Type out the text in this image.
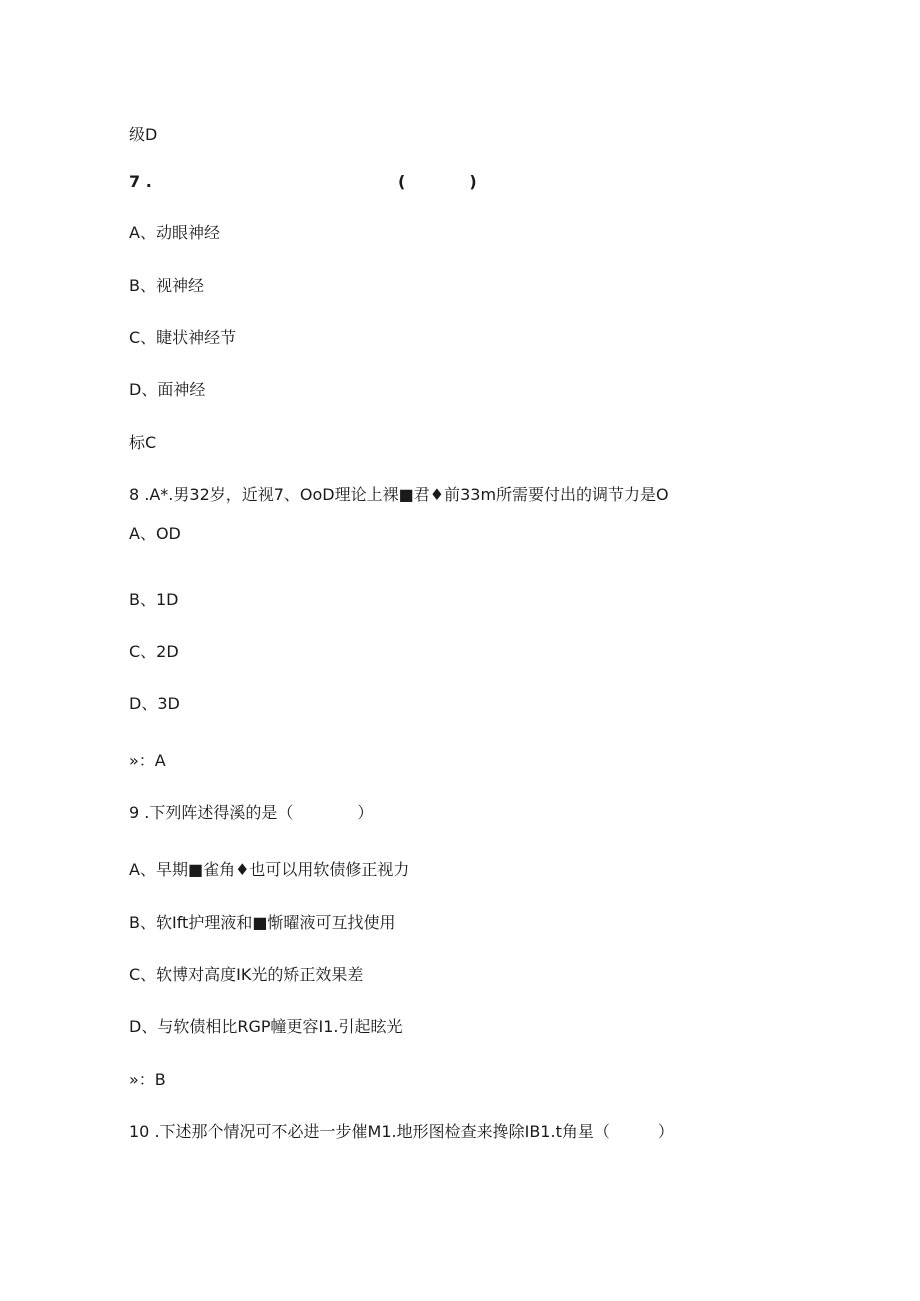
级D
7 .	(　　　　)
A、动眼神经
B、视神经
C、睫状神经节
D、面神经
标C
8 .A*.男32岁，近视7、OoD理论上裸■君♦前33m所需要付出的调节力是O
A、OD
B、1D
C、2D
D、3D
»：A
9 .下列阵述得溪的是（　　　　）
A、早期■雀角♦也可以用软债修正视力
B、软Ift护理液和■惭曜液可互找使用
C、软博对高度IK光的矫正效果差
D、与软债相比RGP幢更容I1.引起眩光
»：B
10 .下述那个情况可不必进一步催M1.地形图检查来搀除IB1.t角星（　　　）
